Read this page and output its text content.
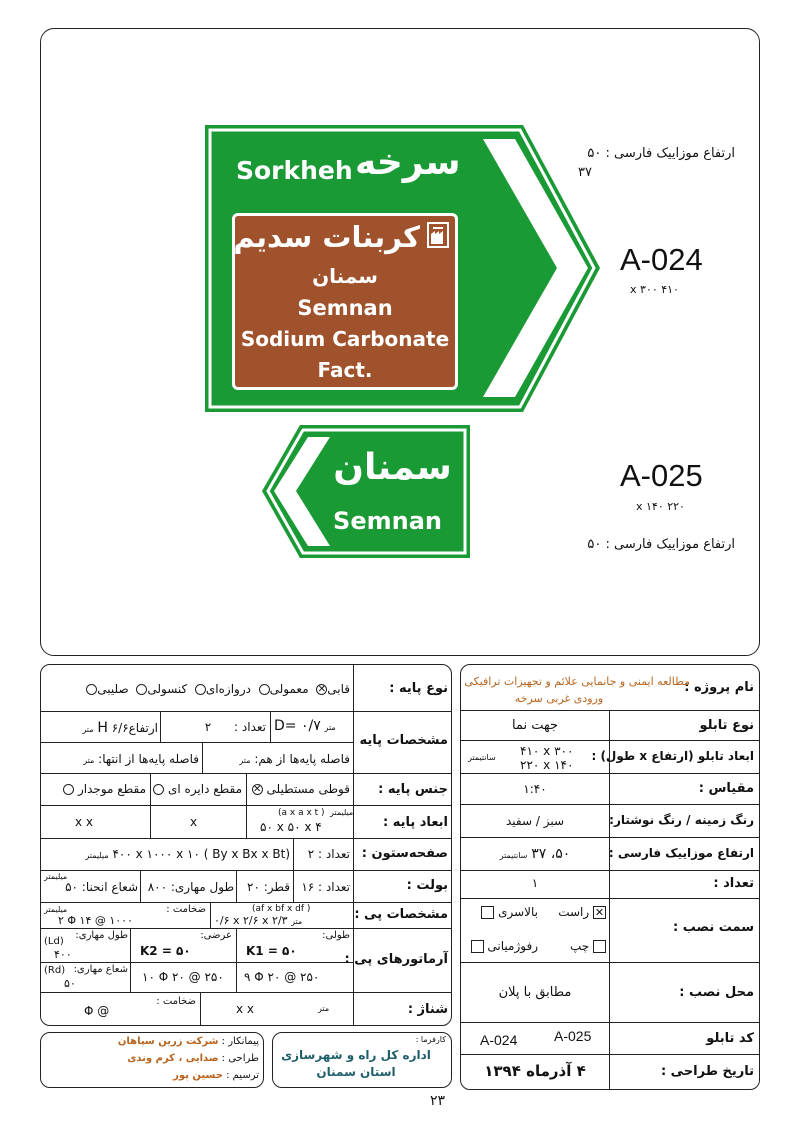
سرخه
Sorkheh
کربنات سدیم
سمنان
Semnan
Sodium Carbonate
Fact.
ارتفاع موزاییک فارسی : ۵۰
۳۷
A-024
۴۱۰ x ۳۰۰
سمنان
Semnan
A-025
۲۲۰ x ۱۴۰
ارتفاع موزاییک فارسی : ۵۰
نوع پایه :
قابی✕  معمولی  دروازه‌ای  کنسولی  صلیبی
مشخصات پایه
D= ۰/۷ متر
تعداد :      ۲
ارتفاعH ۶/۶ متر
فاصله پایه‌ها از هم: متر
فاصله پایه‌ها از انتها: متر
جنس پایه :
قوطی مستطیلی ✕
مقطع دایره ای
مقطع موجدار
ابعاد پایه :
میلیمتر
(a x a x t )
۵۰ x ۵۰ x ۴
x
x x
صفحه‌ستون :
تعداد : ۲
(By x Bx x Bt ) ۴۰۰ x ۱۰۰۰ x ۱۰ میلیمتر
بولت :
تعداد : ۱۶
قطر: ۲۰
طول مهاری: ۸۰۰
شعاع انحنا: ۵۰
میلیمتر
مشخصات پی :
(af x bf x df )
۰/۶ x ۲/۶ x ۲/۳ متر
ضخامت :
۲ Φ ۱۴ @ ۱۰۰۰
میلیمتر
آرماتورهای پی :
طولی:
K1 = ۵۰
۹ Φ ۲۰ @ ۲۵۰
عرضی:
K2 = ۵۰
۱۰ Φ ۲۰ @ ۲۵۰
طول مهاری:
(Ld)
۴۰۰
شعاع مهاری:
(Rd)
۵۰
شناژ :
متر
x x
ضخامت :
Φ @
نام پروژه :
مطالعه ایمنی و جانمایی علائم و تجهیزات ترافیکی
ورودی غربی سرخه
نوع تابلو
جهت نما
ابعاد تابلو (ارتفاع x طول) :
۴۱۰ x ۳۰۰
۲۲۰ x ۱۴۰
سانتیمتر
مقیاس :
۱:۴۰
رنگ زمینه / رنگ نوشتار:
سبز / سفید
ارتفاع موزاییک فارسی :
۵۰، ۳۷ سانتیمتر
تعداد :
۱
سمت نصب :
✕ راست
بالاسری
چپ
رفوژمیانی
محل نصب :
مطابق با پلان
کد تابلو
A-025
A-024
تاریخ طراحی :
۴ آذرماه ۱۳۹۴
پیمانکار : شرکت زرین سپاهان
طراحی : صدایی ، کرم وندی
ترسیم : حسین پور
کارفرما :
اداره کل راه و شهرسازی
استان سمنان
۲۳
